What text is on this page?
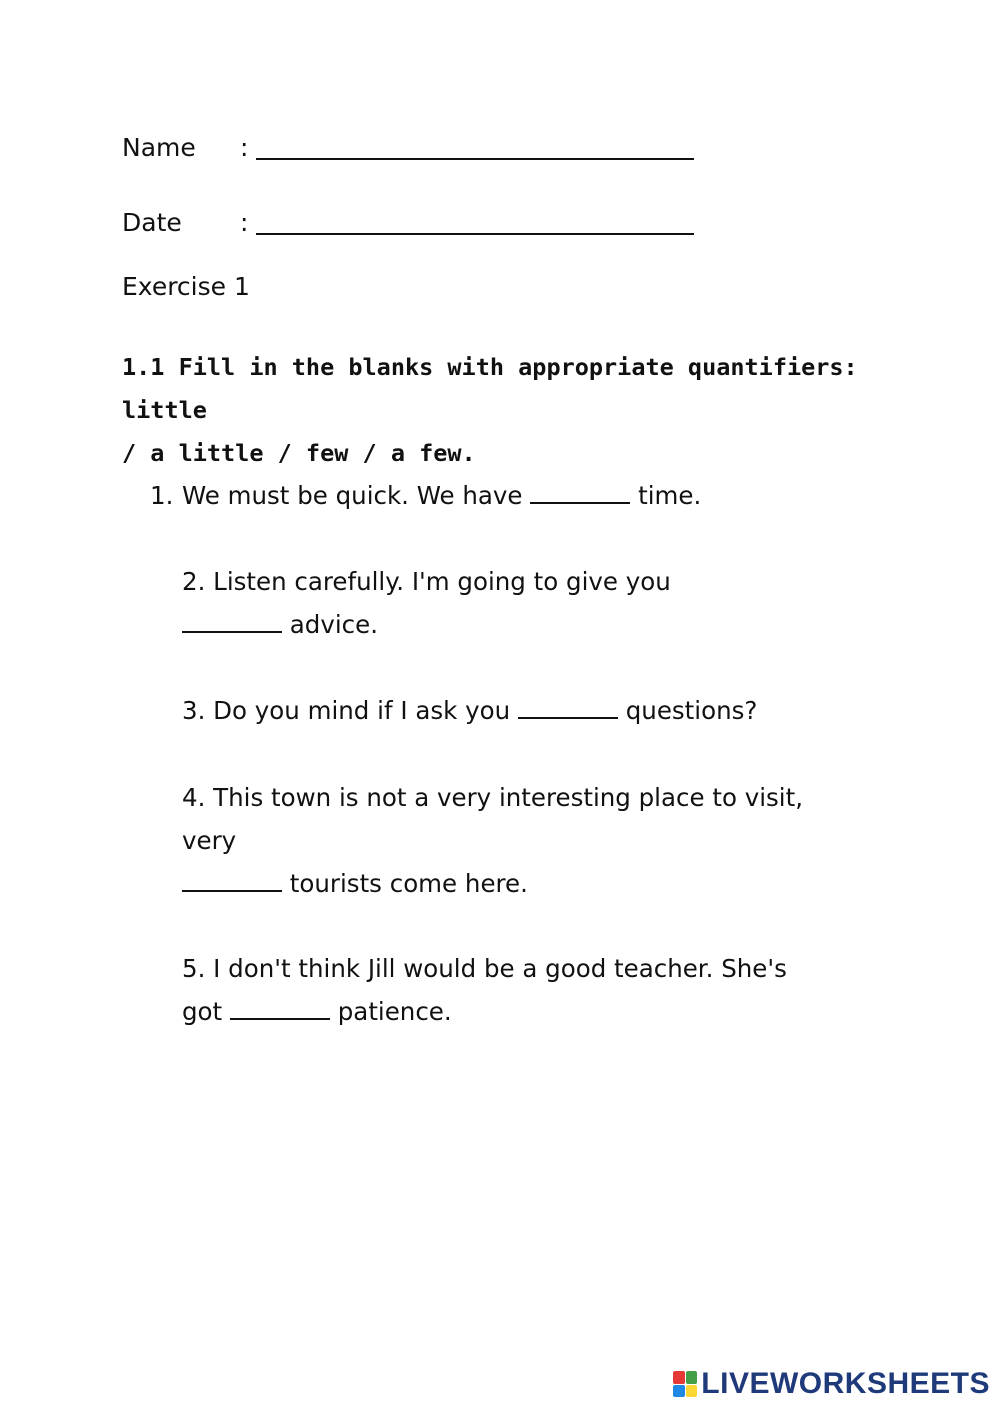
Name	:
Date	:
Exercise 1
1.1 Fill in the blanks with appropriate quantifiers: little
/ a little / few / a few.
1. We must be quick. We have	time.
2. Listen carefully. I'm going to give you
advice.
3. Do you mind if I ask you	questions?
4. This town is not a very interesting place to visit,
very
tourists come here.
5. I don't think Jill would be a good teacher. She's
got	patience.
LIVEWORKSHEETS
